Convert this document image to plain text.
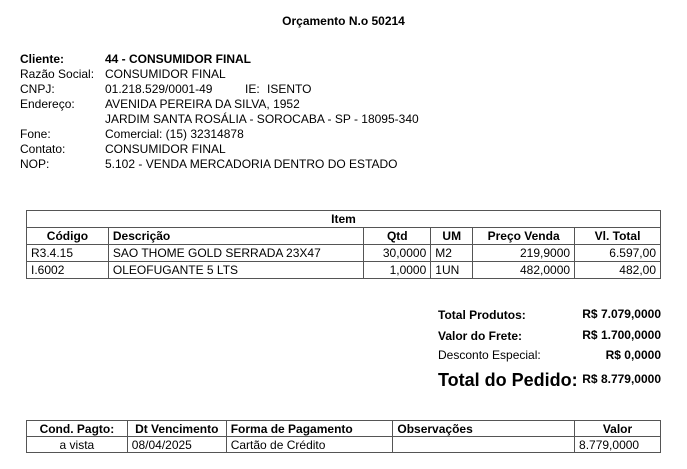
Orçamento N.o 50214
Cliente:	44 - CONSUMIDOR FINAL
Razão Social: CONSUMIDOR FINAL
CNPJ:	01.218.529/0001-49	IE: ISENTO
Endereço:	AVENIDA PEREIRA DA SILVA, 1952
JARDIM SANTA ROSÁLIA - SOROCABA - SP - 18095-340
Fone:	Comercial: (15) 32314878
Contato:	CONSUMIDOR FINAL
NOP:	5.102 - VENDA MERCADORIA DENTRO DO ESTADO
Item					
Código	Descrição	Qtd	UM	Preço Venda	Vl. Total
R3.4.15	SAO THOME GOLD SERRADA 23X47	30,0000	M2	219,9000	6.597,00
I.6002	OLEOFUGANTE 5 LTS	1,0000	1UN	482,0000	482,00
Total Produtos:	R$ 7.079,0000
Valor do Frete:	R$ 1.700,0000
Desconto Especial:	R$ 0,0000
Total do Pedido: R$ 8.779,0000
Cond. Pagto:	Dt Vencimento	Forma de Pagamento	Observações	Valor
a vista	08/04/2025	Cartão de Crédito		8.779,0000
